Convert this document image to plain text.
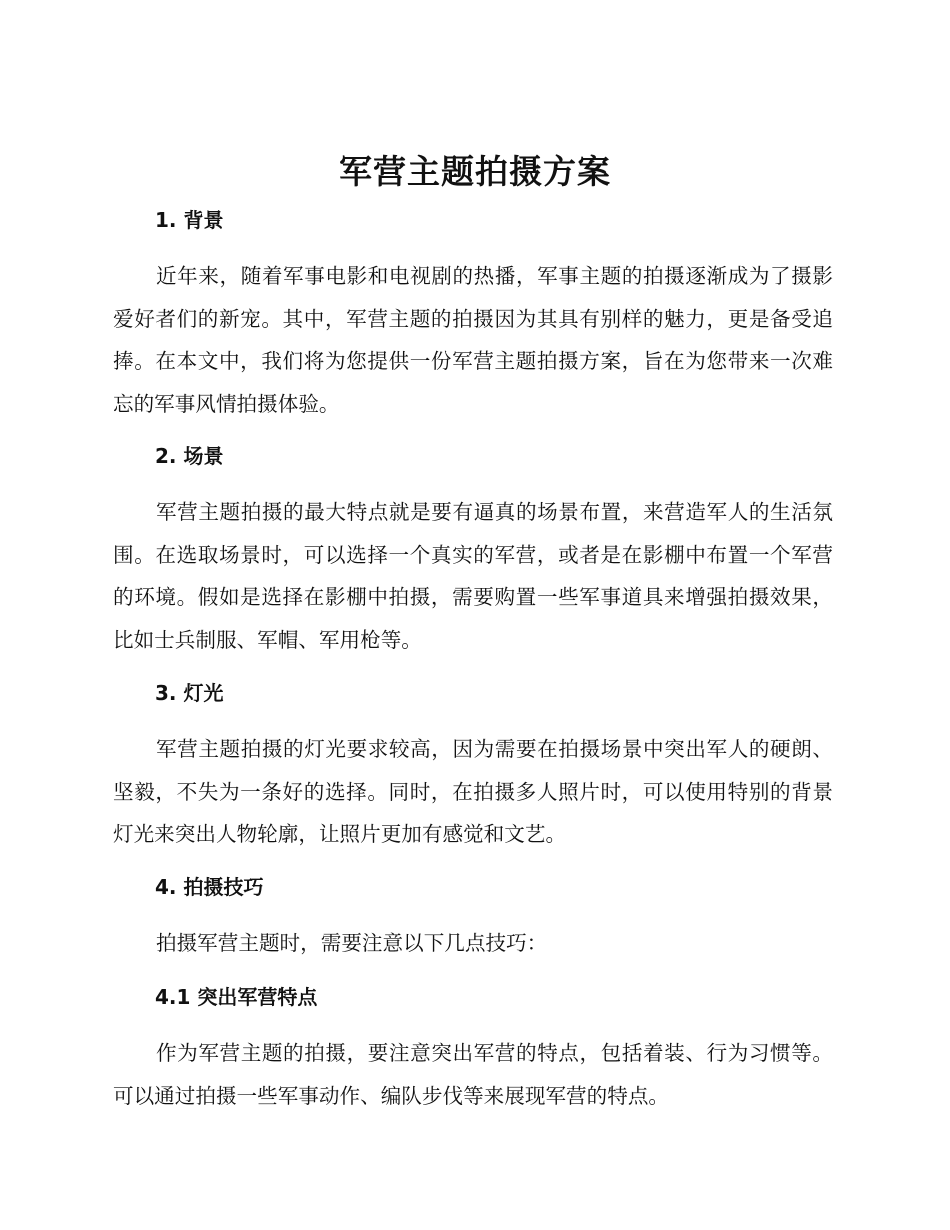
军营主题拍摄方案
1. 背景
近年来，随着军事电影和电视剧的热播，军事主题的拍摄逐渐成为了摄影爱好者们的新宠。其中，军营主题的拍摄因为其具有别样的魅力，更是备受追捧。在本文中，我们将为您提供一份军营主题拍摄方案，旨在为您带来一次难忘的军事风情拍摄体验。
2. 场景
军营主题拍摄的最大特点就是要有逼真的场景布置，来营造军人的生活氛围。在选取场景时，可以选择一个真实的军营，或者是在影棚中布置一个军营的环境。假如是选择在影棚中拍摄，需要购置一些军事道具来增强拍摄效果，比如士兵制服、军帽、军用枪等。
3. 灯光
军营主题拍摄的灯光要求较高，因为需要在拍摄场景中突出军人的硬朗、坚毅，不失为一条好的选择。同时，在拍摄多人照片时，可以使用特别的背景灯光来突出人物轮廓，让照片更加有感觉和文艺。
4. 拍摄技巧
拍摄军营主题时，需要注意以下几点技巧：
4.1 突出军营特点
作为军营主题的拍摄，要注意突出军营的特点，包括着装、行为习惯等。可以通过拍摄一些军事动作、编队步伐等来展现军营的特点。
